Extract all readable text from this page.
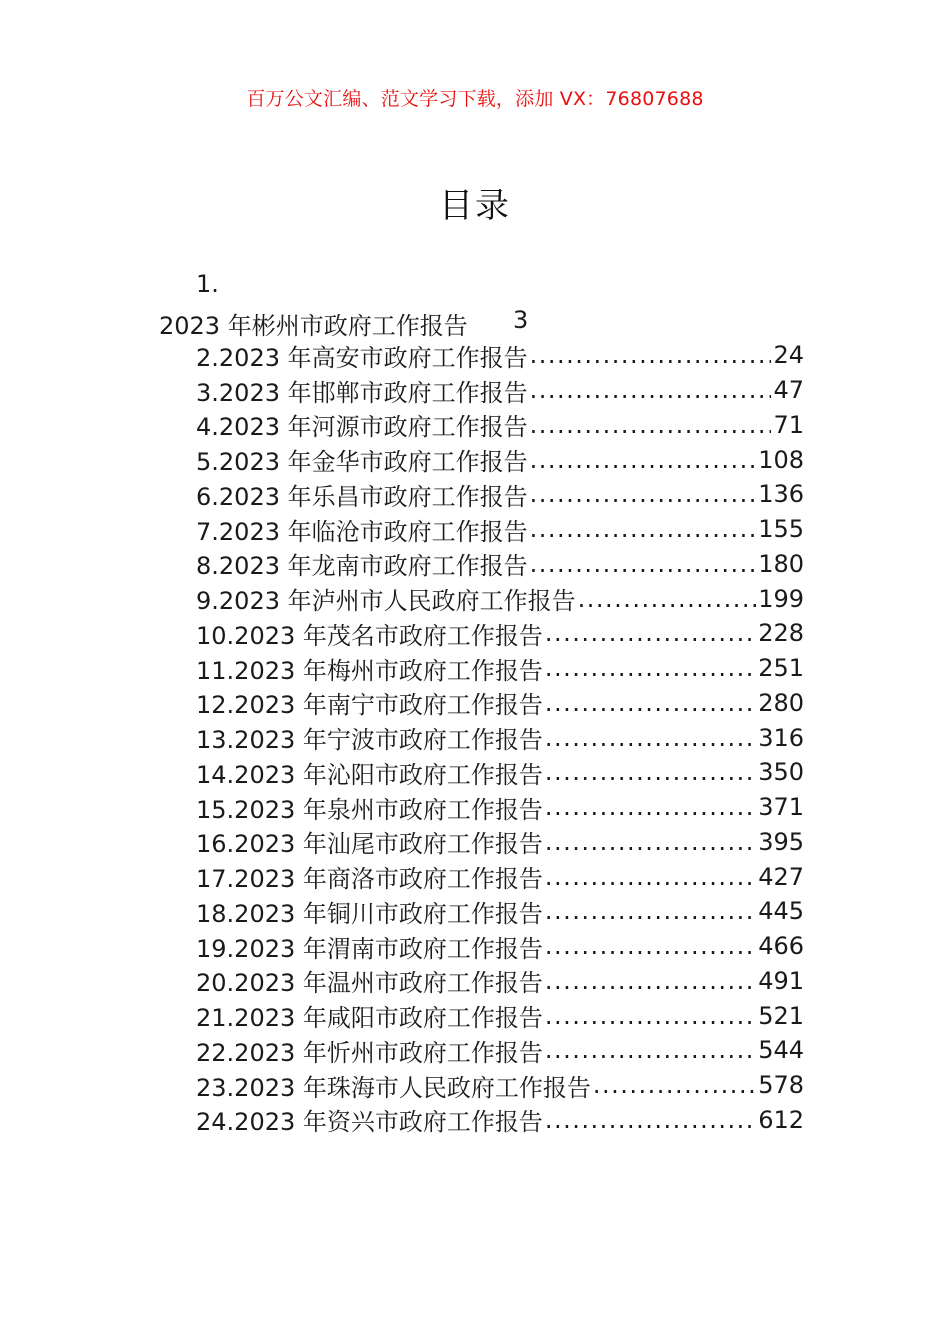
百万公文汇编、范文学习下载，添加 VX：76807688
目录
1.
2023 年彬州市政府工作报告 3
2.2023 年高安市政府工作报告 .....	24
3.2023 年邯郸市政府工作报告 .....	47
4.2023 年河源市政府工作报告 .....	71
5.2023 年金华市政府工作报告 .....	108
6.2023 年乐昌市政府工作报告 .....	136
7.2023 年临沧市政府工作报告 .....	155
8.2023 年龙南市政府工作报告 .....	180
9.2023 年泸州市人民政府工作报告 .....	199
10.2023 年茂名市政府工作报告 .....	228
11.2023 年梅州市政府工作报告 .....	251
12.2023 年南宁市政府工作报告 .....	280
13.2023 年宁波市政府工作报告 .....	316
14.2023 年沁阳市政府工作报告 .....	350
15.2023 年泉州市政府工作报告 .....	371
16.2023 年汕尾市政府工作报告 .....	395
17.2023 年商洛市政府工作报告 .....	427
18.2023 年铜川市政府工作报告 .....	445
19.2023 年渭南市政府工作报告 .....	466
20.2023 年温州市政府工作报告 .....	491
21.2023 年咸阳市政府工作报告 .....	521
22.2023 年忻州市政府工作报告 .....	544
23.2023 年珠海市人民政府工作报告 .....	578
24.2023 年资兴市政府工作报告 .....	612
